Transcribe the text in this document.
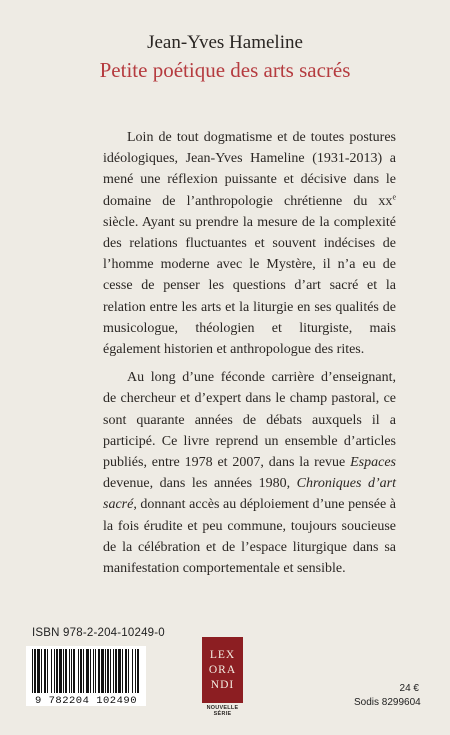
Jean-Yves Hameline
Petite poétique des arts sacrés

Loin de tout dogmatisme et de toutes postures idéologiques, Jean-Yves Hameline (1931-2013) a mené une réflexion puissante et décisive dans le domaine de l’anthropologie chrétienne du $xx^e$ siècle. Ayant su prendre la mesure de la complexité des relations fluctuantes et souvent indécises de l’homme moderne avec le Mystère, il n’a eu de cesse de penser les questions d’art sacré et la relation entre les arts et la liturgie en ses qualités de musicologue, théologien et liturgiste, mais également historien et anthropologue des rites.

Au long d’une féconde carrière d’enseignant, de chercheur et d’expert dans le champ pastoral, ce sont quarante années de débats auxquels il a participé. Ce livre reprend un ensemble d’articles publiés, entre 1978 et 2007, dans la revue Espaces devenue, dans les années 1980, Chroniques d’art sacré, donnant accès au déploiement d’une pensée à la fois érudite et peu commune, toujours soucieuse de la célébration et de l’espace liturgique dans sa manifestation comportementale et sensible.

ISBN 978-2-204-10249-0
9 782204 102490
LEX
ORA
NDI
NOUVELLE SÉRIE
24 €
Sodis 8299604
